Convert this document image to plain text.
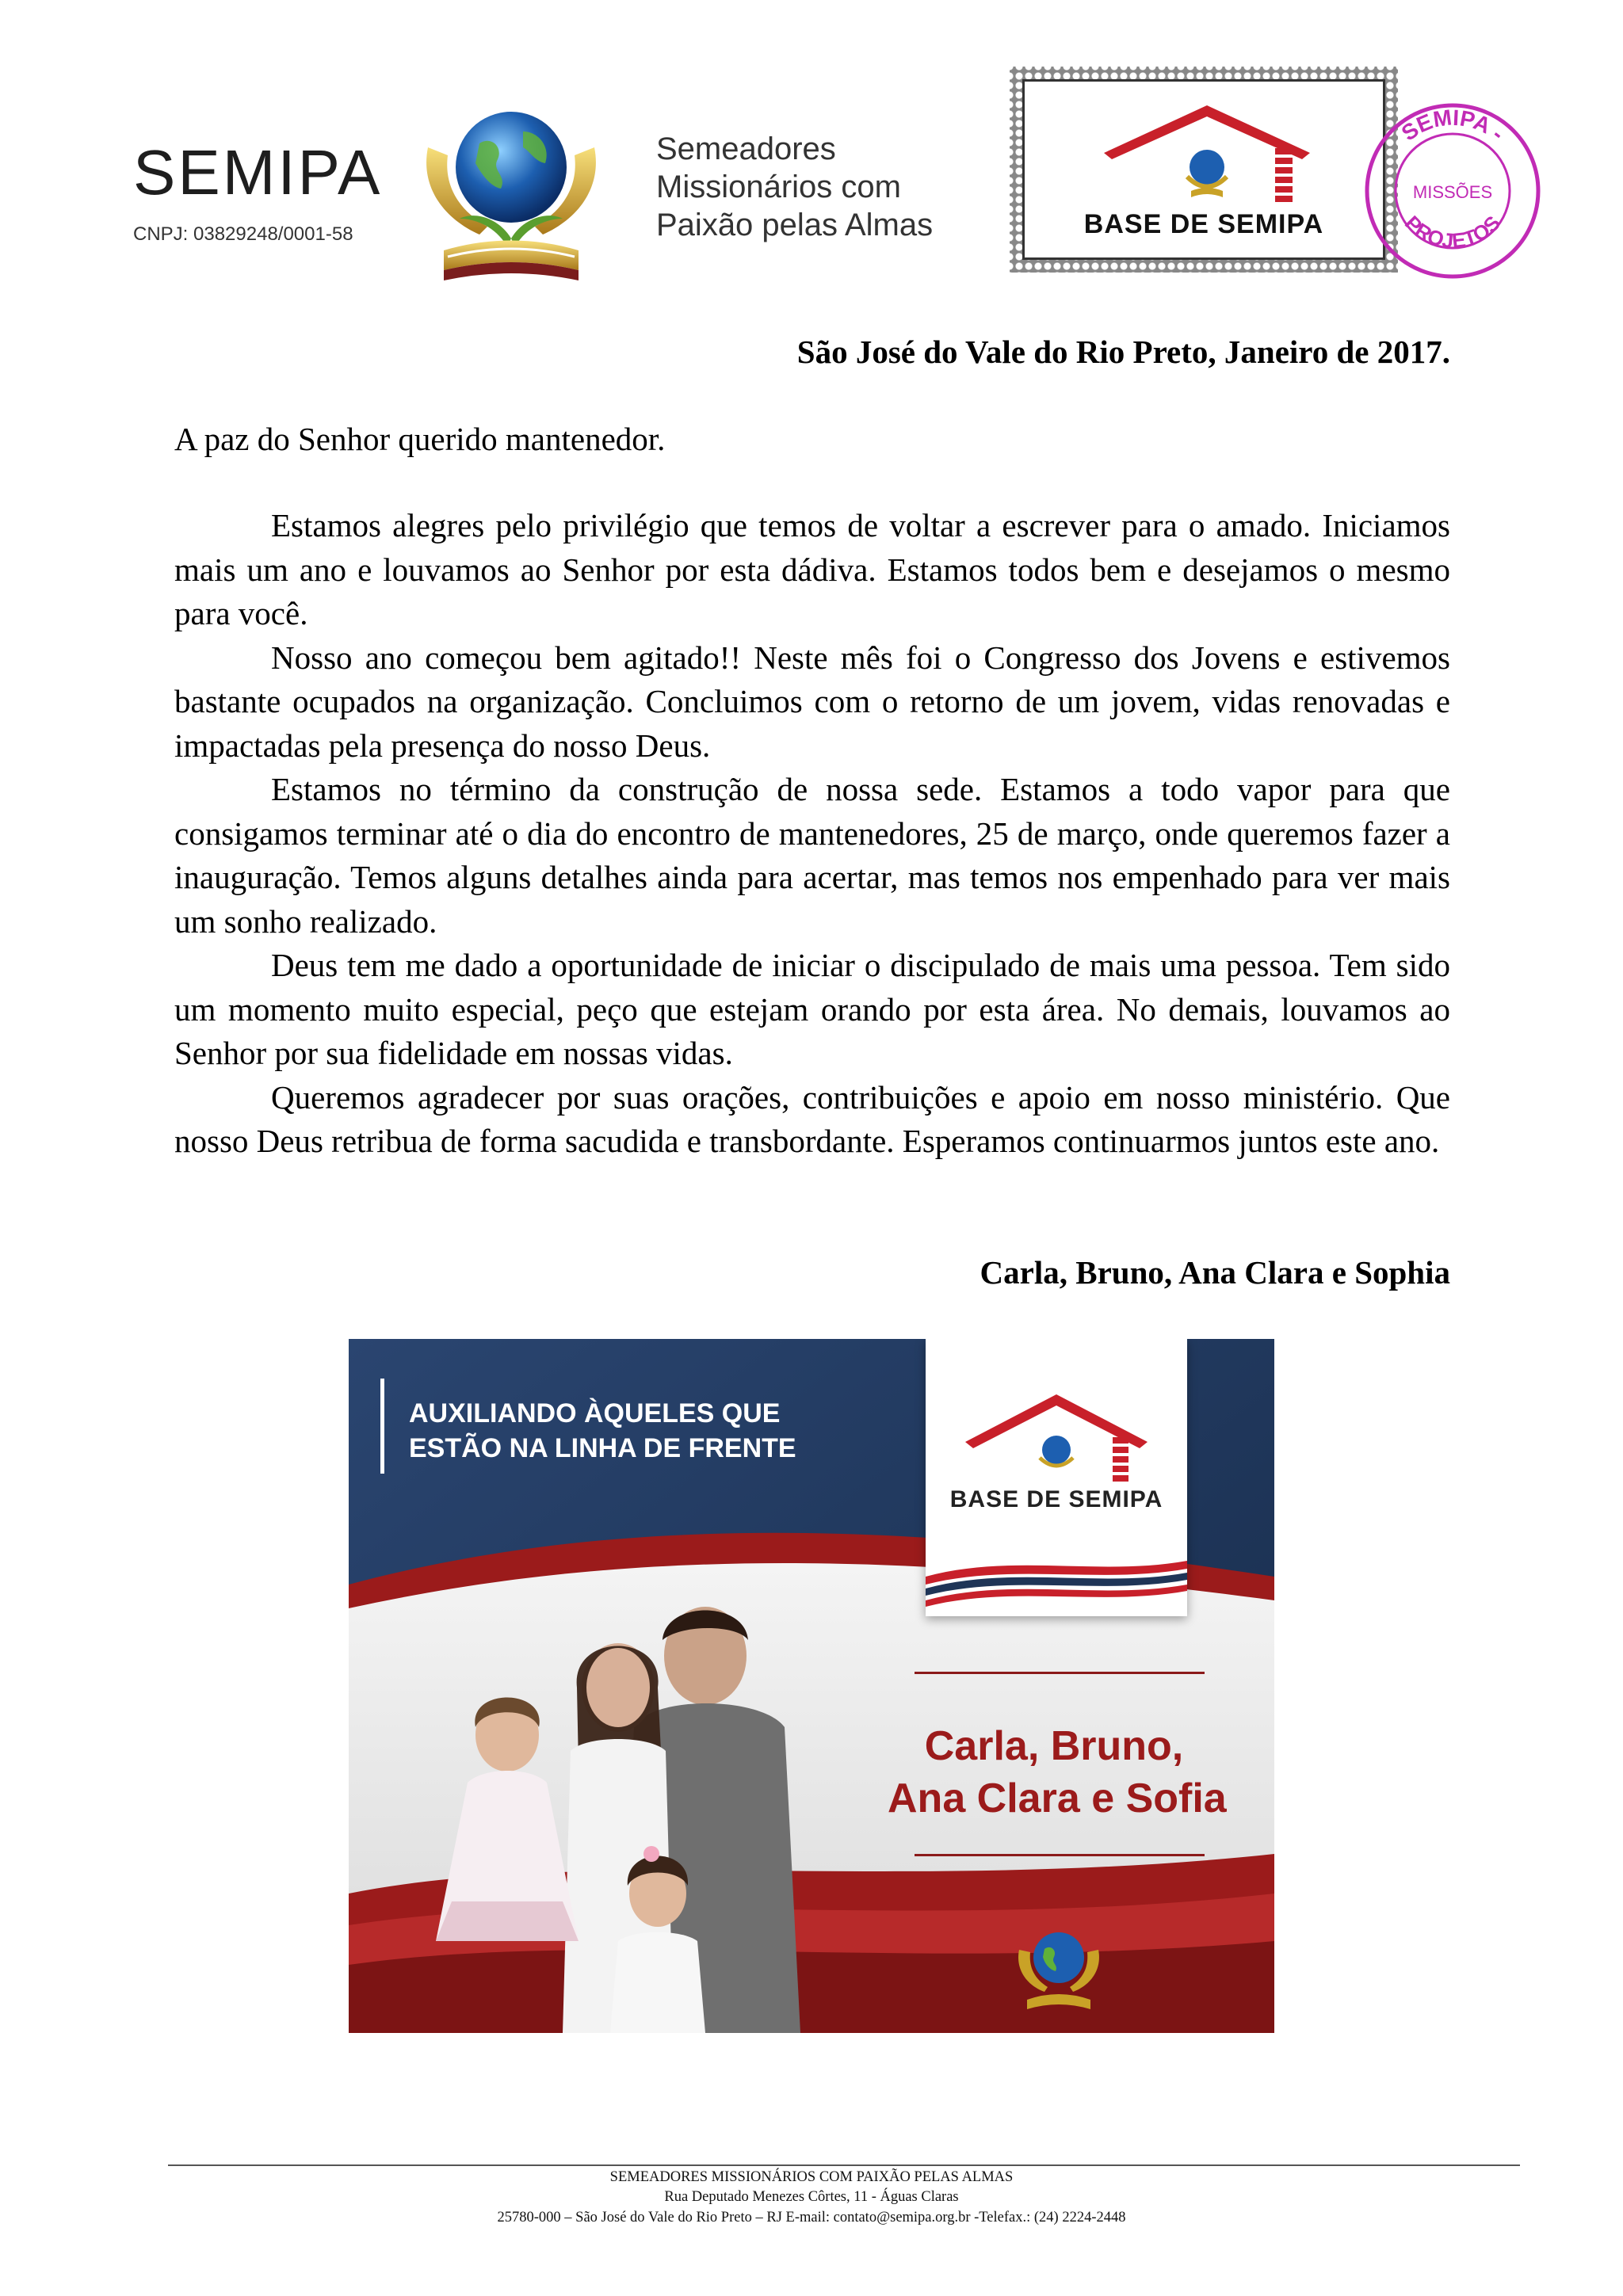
SEMIPA
CNPJ: 03829248/0001-58
Semeadores
Missionários com
Paixão pelas Almas	BASE DE SEMIPA
SEMIPA -
MISSÕES
PROJETOS
São José do Vale do Rio Preto, Janeiro de 2017.
A paz do Senhor querido mantenedor.

Estamos alegres pelo privilégio que temos de voltar a escrever para o amado. Iniciamos mais um ano e louvamos ao Senhor por esta dádiva. Estamos todos bem e desejamos o mesmo para você.

Nosso ano começou bem agitado!! Neste mês foi o Congresso dos Jovens e estivemos bastante ocupados na organização. Concluimos com o retorno de um jovem, vidas renovadas e impactadas pela presença do nosso Deus.

Estamos no término da construção de nossa sede. Estamos a todo vapor para que consigamos terminar até o dia do encontro de mantenedores, 25 de março, onde queremos fazer a inauguração. Temos alguns detalhes ainda para acertar, mas temos nos empenhado para ver mais um sonho realizado.

Deus tem me dado a oportunidade de iniciar o discipulado de mais uma pessoa. Tem sido um momento muito especial, peço que estejam orando por esta área. No demais, louvamos ao Senhor por sua fidelidade em nossas vidas.

Queremos agradecer por suas orações, contribuições e apoio em nosso ministério. Que nosso Deus retribua de forma sacudida e transbordante. Esperamos continuarmos juntos este ano.

Carla, Bruno, Ana Clara e Sophia
AUXILIANDO ÀQUELES QUE
ESTÃO NA LINHA DE FRENTE
BASE DE SEMIPA
Carla, Bruno,
Ana Clara e Sofia
SEMEADORES MISSIONÁRIOS COM PAIXÃO PELAS ALMAS
Rua Deputado Menezes Côrtes, 11 - Águas Claras
25780-000 – São José do Vale do Rio Preto – RJ E-mail: contato@semipa.org.br -Telefax.: (24) 2224-2448
